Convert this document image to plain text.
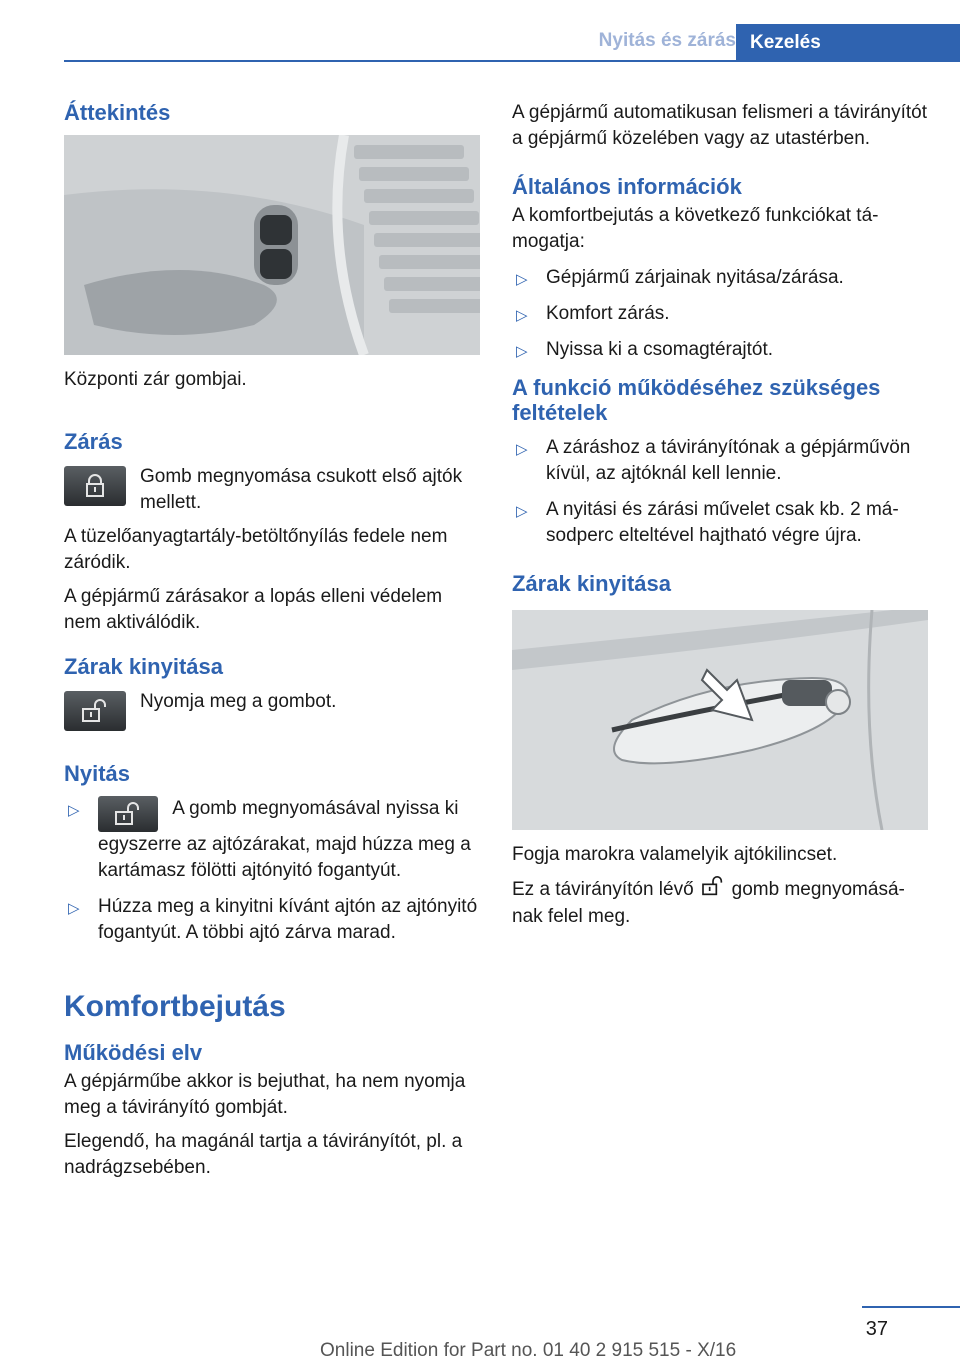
Nyitás és zárás Kezelés
Áttekintés

Központi zár gombjai.

Zárás

Gomb megnyomása csukott első ajtók mellett.

A tüzelőanyagtartály-betöltőnyílás fedele nem záródik.

A gépjármű zárásakor a lopás elleni védelem nem aktiválódik.

Zárak kinyitása

Nyomja meg a gombot.

Nyitás
▷	A gomb megnyomásával nyissa ki egyszerre az ajtózárakat, majd húzza meg a kartámasz fölötti ajtónyitó fogantyút.
▷ Húzza meg a kinyitni kívánt ajtón az ajtónyitó fogantyút. A többi ajtó zárva marad.
Komfortbejutás
Működési elv

A gépjárműbe akkor is bejuthat, ha nem nyomja meg a távirányító gombját.

Elegendő, ha magánál tartja a távirányítót, pl. a nadrágzsebében.

A gépjármű automatikusan felismeri a távirányítót a gépjármű közelében vagy az utastérben.

Általános információk

A komfortbejutás a következő funkciókat támogatja:

▷ Gépjármű zárjainak nyitása/zárása.
▷ Komfort zárás.
▷ Nyissa ki a csomagtérajtót.
A funkció működéséhez szükséges feltételek
▷ A záráshoz a távirányítónak a gépjárművön kívül, az ajtóknál kell lennie.
▷ A nyitási és zárási művelet csak kb. 2 másodperc elteltével hajtható végre újra.
Zárak kinyitása

Fogja marokra valamelyik ajtókilincset.

Ez a távirányítón lévő gomb megnyomásának felel meg.

37
Online Edition for Part no. 01 40 2 915 515 - X/16
